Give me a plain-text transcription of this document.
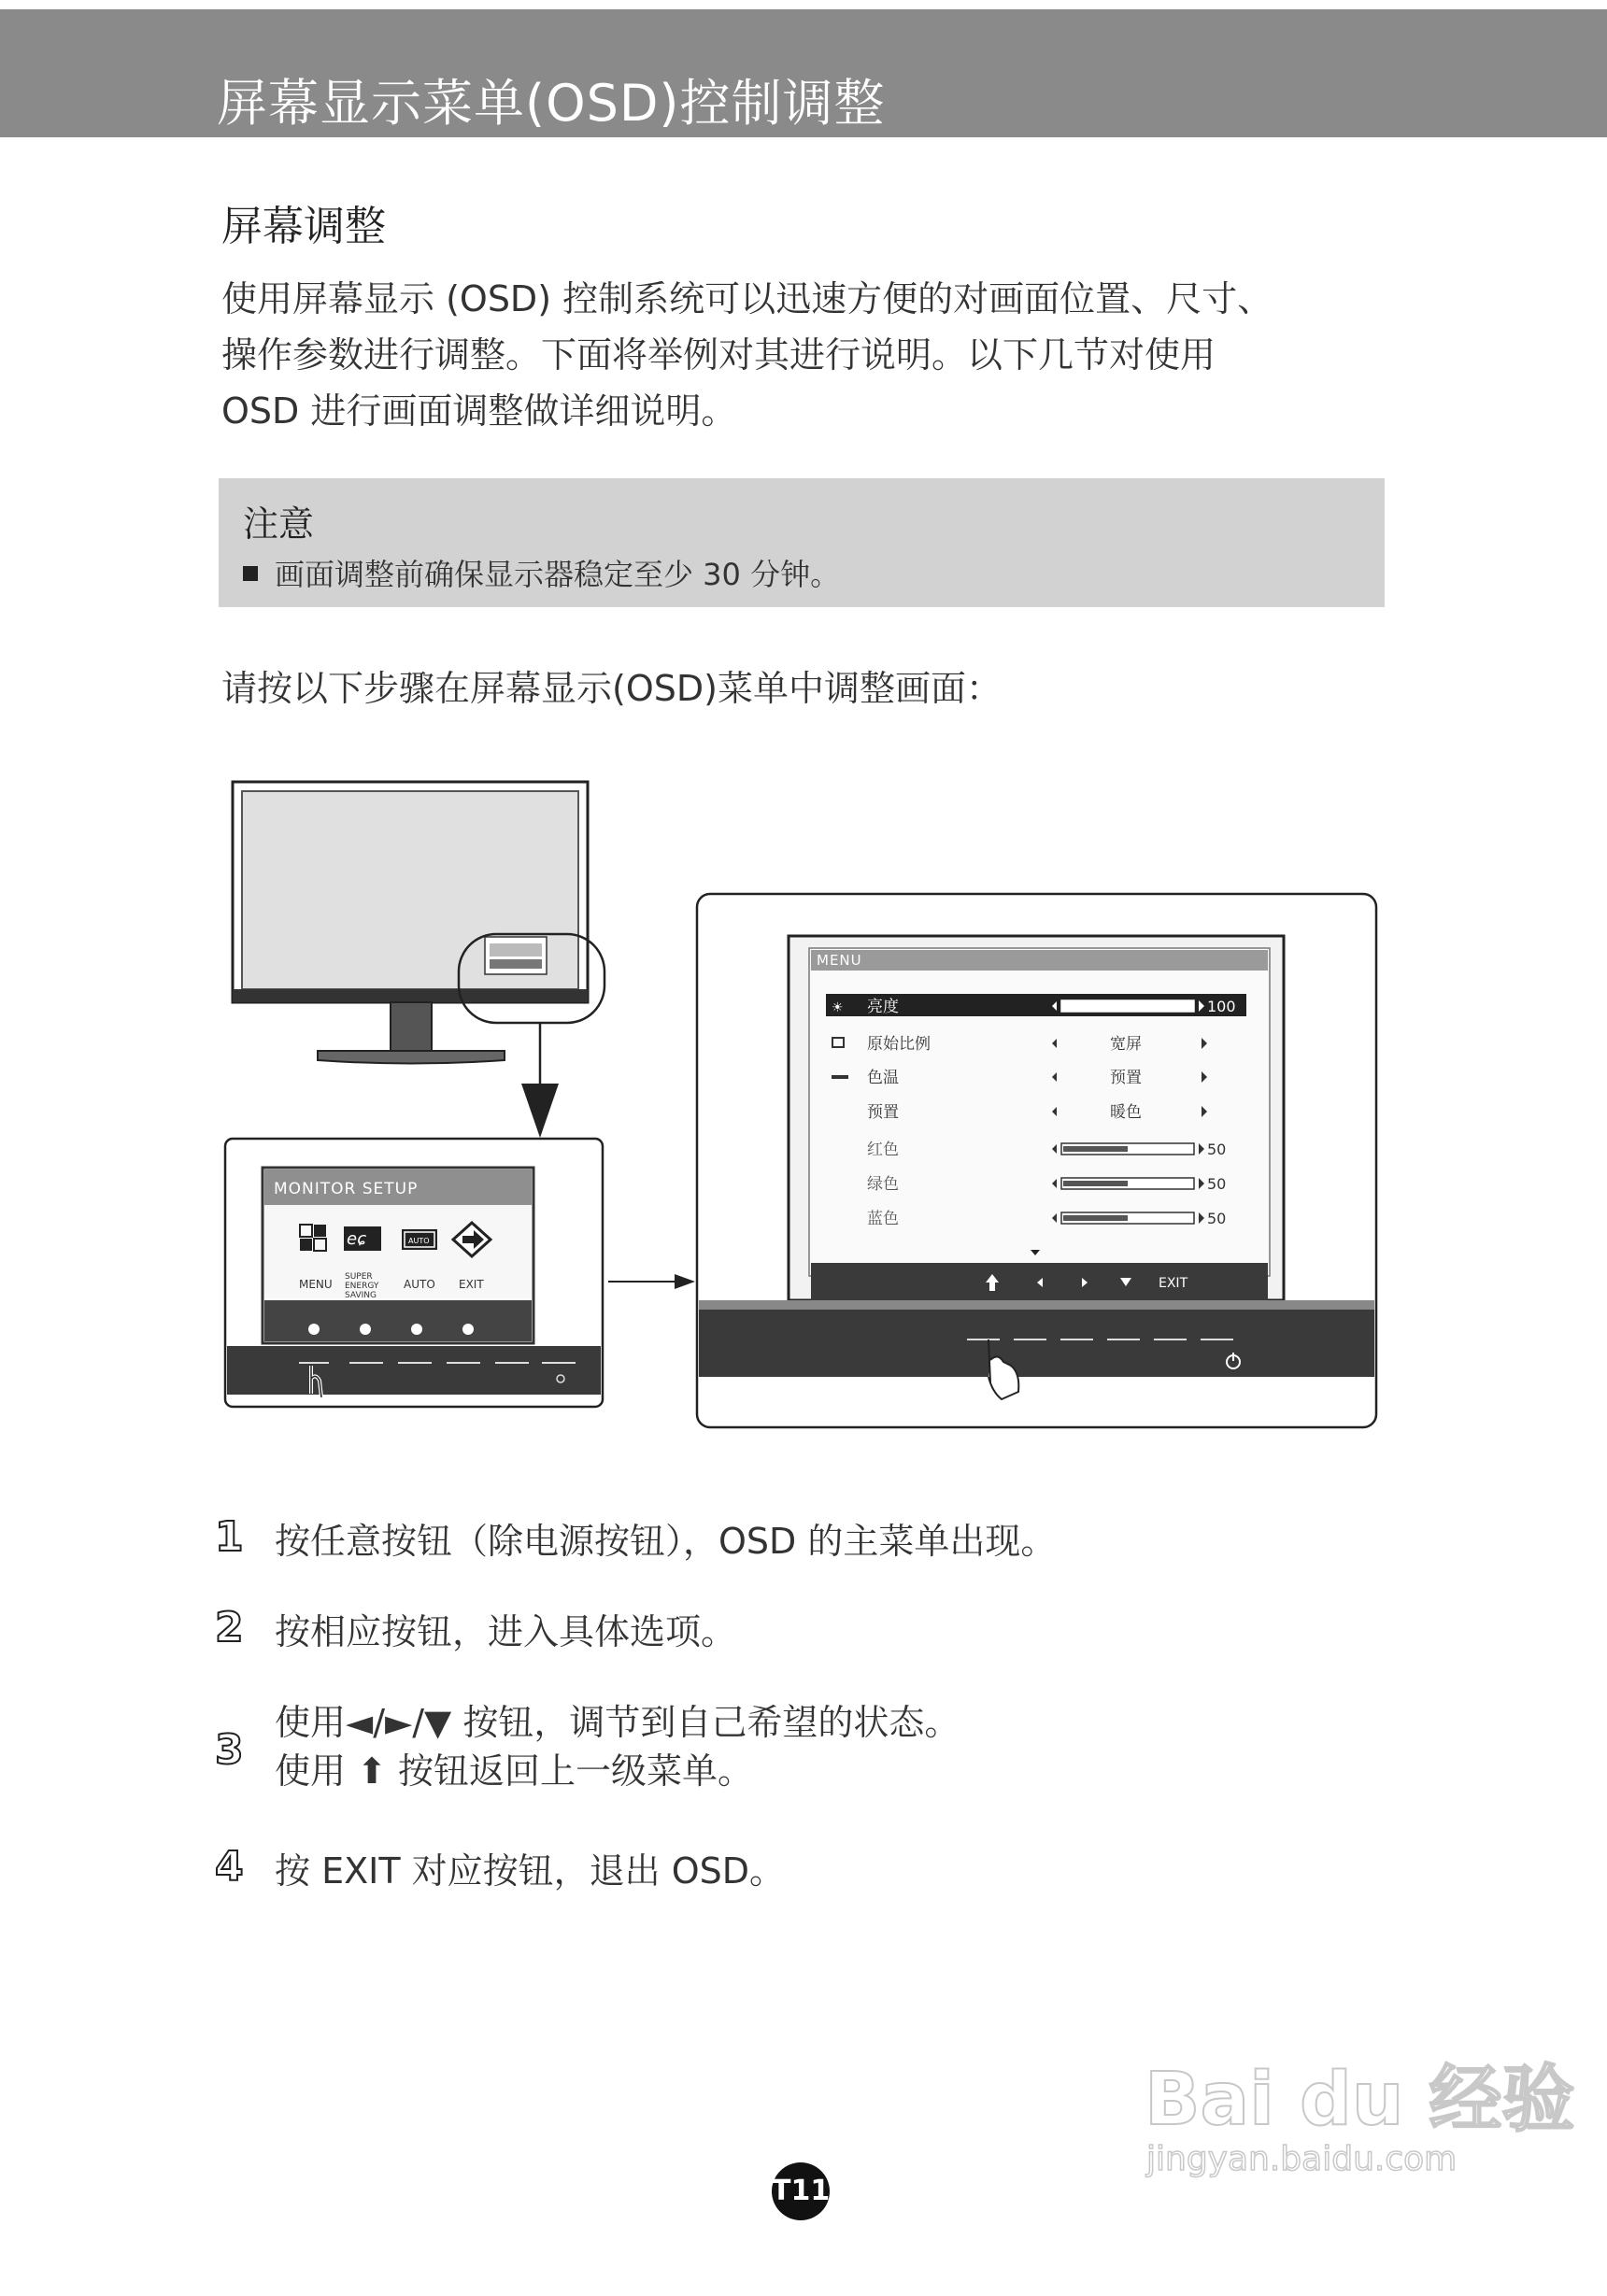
屏幕显示菜单(OSD)控制调整
屏幕调整
使用屏幕显示 (OSD) 控制系统可以迅速方便的对画面位置、尺寸、
操作参数进行调整。下面将举例对其进行说明。以下几节对使用
OSD 进行画面调整做详细说明。
注意
画面调整前确保显示器稳定至少 30 分钟。
请按以下步骤在屏幕显示(OSD)菜单中调整画面：
MONITOR SETUP
eɕ	AUTO
MENU
SUPER
ENERGY
SAVING
AUTO EXIT
MENU
☀ 亮度	100
原始比例	宽屏
色温	预置
预置	暖色
红色	50
绿色	50
蓝色	50
EXIT
1 按任意按钮（除电源按钮），OSD 的主菜单出现。
2 按相应按钮，进入具体选项。
3
使用◄/►/▼ 按钮，调节到自己希望的状态。
使用 ⬆ 按钮返回上一级菜单。
4 按 EXIT 对应按钮，退出 OSD。
T11
Bai du 经验
jingyan.baidu.com
